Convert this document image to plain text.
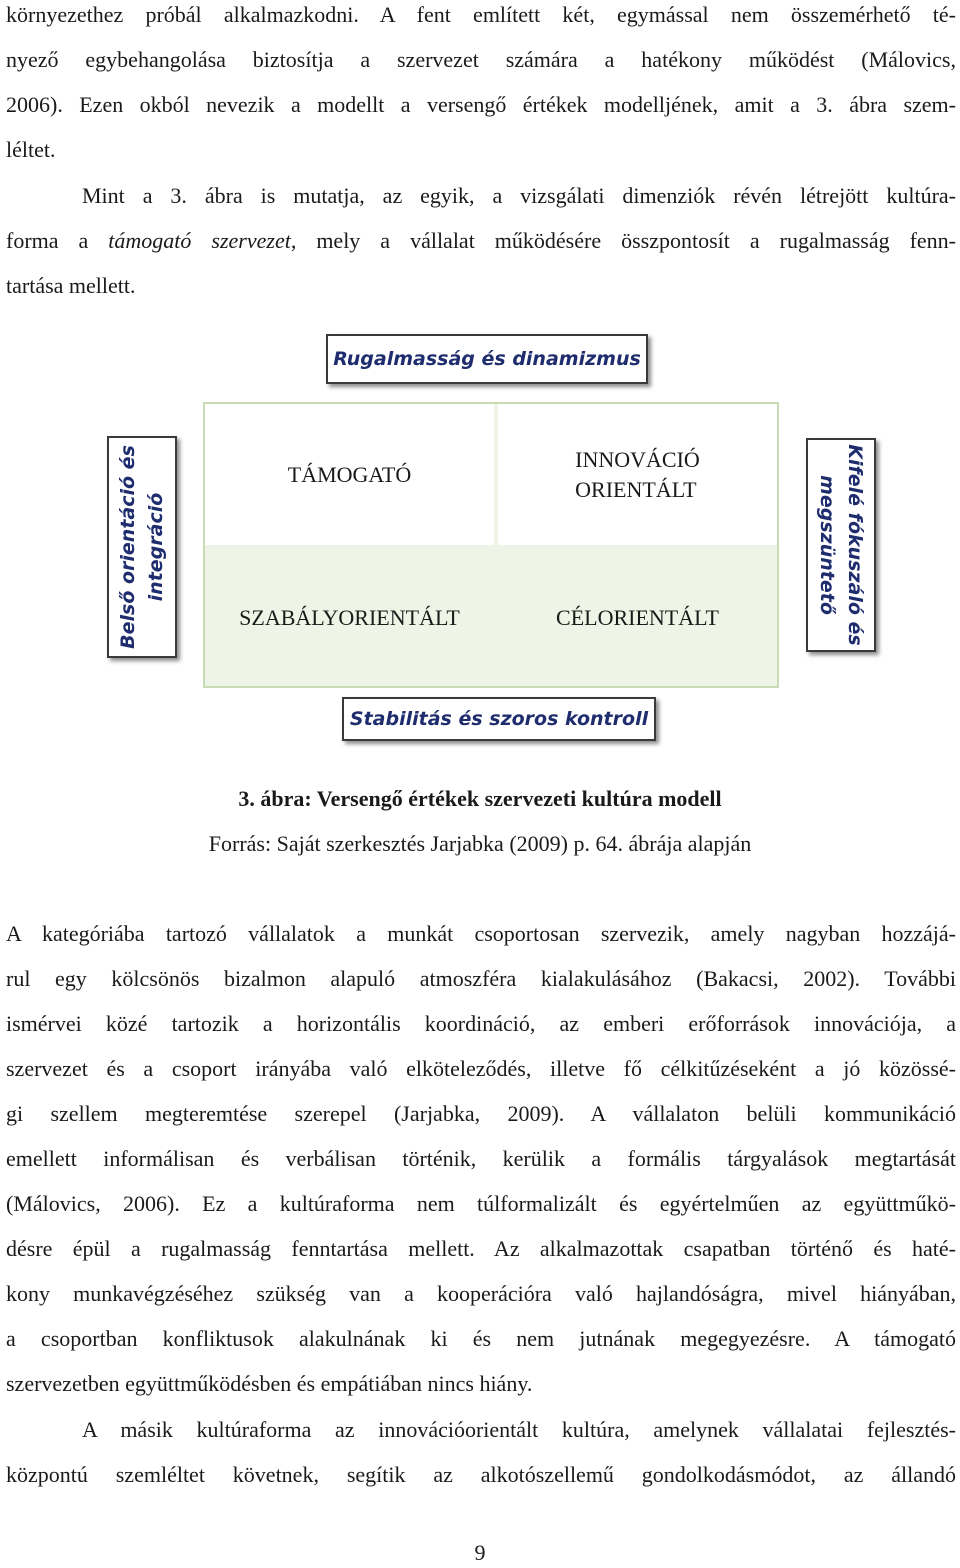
környezethez próbál alkalmazkodni. A fent említett két, egymással nem összemérhető té-
nyező egybehangolása biztosítja a szervezet számára a hatékony működést (Málovics,
2006). Ezen okból nevezik a modellt a versengő értékek modelljének, amit a 3. ábra szem-
léltet.
Mint a 3. ábra is mutatja, az egyik, a vizsgálati dimenziók révén létrejött kultúra-
forma a támogató szervezet, mely a vállalat működésére összpontosít a rugalmasság fenn-
tartása mellett.
Rugalmasság és dinamizmus
TÁMOGATÓ
INNOVÁCIÓ
ORIENTÁLT
SZABÁLYORIENTÁLT	CÉLORIENTÁLT
Belső orientáció és integráció	Kifelé fókuszáló és
megszüntető
Stabilitás és szoros kontroll
3. ábra: Versengő értékek szervezeti kultúra modell
Forrás: Saját szerkesztés Jarjabka (2009) p. 64. ábrája alapján
A kategóriába tartozó vállalatok a munkát csoportosan szervezik, amely nagyban hozzájá-
rul egy kölcsönös bizalmon alapuló atmoszféra kialakulásához (Bakacsi, 2002). További
ismérvei közé tartozik a horizontális koordináció, az emberi erőforrások innovációja, a
szervezet és a csoport irányába való elköteleződés, illetve fő célkitűzéseként a jó közössé-
gi szellem megteremtése szerepel (Jarjabka, 2009). A vállalaton belüli kommunikáció
emellett informálisan és verbálisan történik, kerülik a formális tárgyalások megtartását
(Málovics, 2006). Ez a kultúraforma nem túlformalizált és egyértelműen az együttműkö-
désre épül a rugalmasság fenntartása mellett. Az alkalmazottak csapatban történő és haté-
kony munkavégzéséhez szükség van a kooperációra való hajlandóságra, mivel hiányában,
a csoportban konfliktusok alakulnának ki és nem jutnának megegyezésre. A támogató
szervezetben együttműködésben és empátiában nincs hiány.
A másik kultúraforma az innovációorientált kultúra, amelynek vállalatai fejlesztés-
központú szemléltet követnek, segítik az alkotószellemű gondolkodásmódot, az állandó
9
